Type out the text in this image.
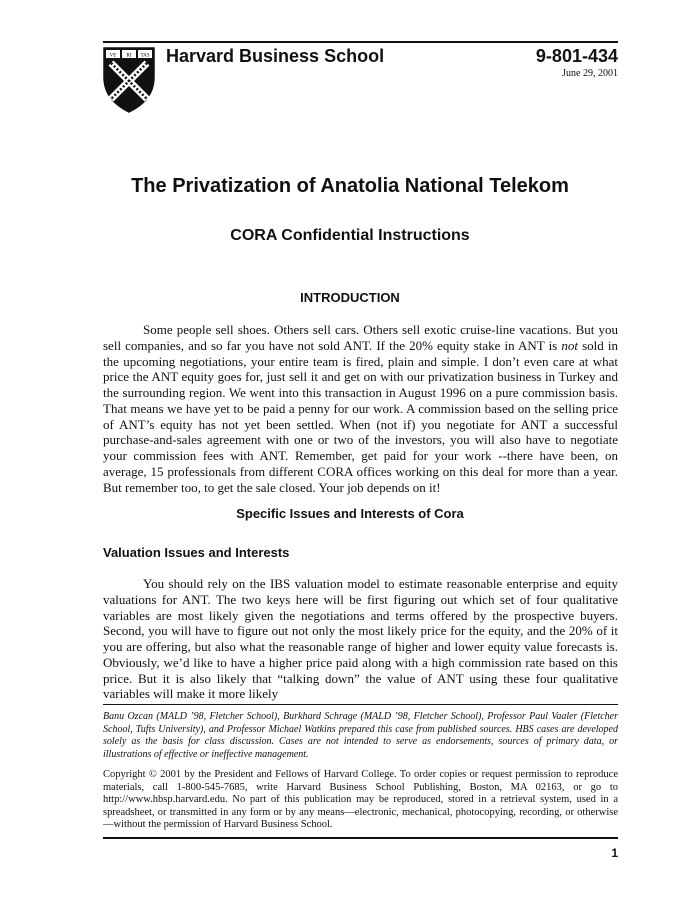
VE RI TAS Harvard Business School	9-801-434
June 29, 2001
The Privatization of Anatolia National Telekom
CORA Confidential Instructions
INTRODUCTION
Some people sell shoes. Others sell cars. Others sell exotic cruise-line vacations. But you sell companies, and so far you have not sold ANT. If the 20% equity stake in ANT is not sold in the upcoming negotiations, your entire team is fired, plain and simple. I don’t even care at what price the ANT equity goes for, just sell it and get on with our privatization business in Turkey and the surrounding region. We went into this transaction in August 1996 on a pure commission basis. That means we have yet to be paid a penny for our work. A commission based on the selling price of ANT’s equity has not yet been settled. When (not if) you negotiate for ANT a successful purchase-and-sales agreement with one or two of the investors, you will also have to negotiate your commission fees with ANT. Remember, get paid for your work --there have been, on average, 15 professionals from different CORA offices working on this deal for more than a year. But remember too, to get the sale closed. Your job depends on it!
Specific Issues and Interests of Cora
Valuation Issues and Interests
You should rely on the IBS valuation model to estimate reasonable enterprise and equity valuations for ANT. The two keys here will be first figuring out which set of four qualitative variables are most likely given the negotiations and terms offered by the prospective buyers. Second, you will have to figure out not only the most likely price for the equity, and the 20% of it you are offering, but also what the reasonable range of higher and lower equity value forecasts is. Obviously, we’d like to have a higher price paid along with a high commission rate based on this price. But it is also likely that “talking down” the value of ANT using these four qualitative variables will make it more likely
Banu Ozcan (MALD ’98, Fletcher School), Burkhard Schrage (MALD ’98, Fletcher School), Professor Paul Vaaler (Fletcher School, Tufts University), and Professor Michael Watkins prepared this case from published sources. HBS cases are developed solely as the basis for class discussion. Cases are not intended to serve as endorsements, sources of primary data, or illustrations of effective or ineffective management.
Copyright © 2001 by the President and Fellows of Harvard College. To order copies or request permission to reproduce materials, call 1-800-545-7685, write Harvard Business School Publishing, Boston, MA 02163, or go to http://www.hbsp.harvard.edu. No part of this publication may be reproduced, stored in a retrieval system, used in a spreadsheet, or transmitted in any form or by any means—electronic, mechanical, photocopying, recording, or otherwise—without the permission of Harvard Business School.
1
